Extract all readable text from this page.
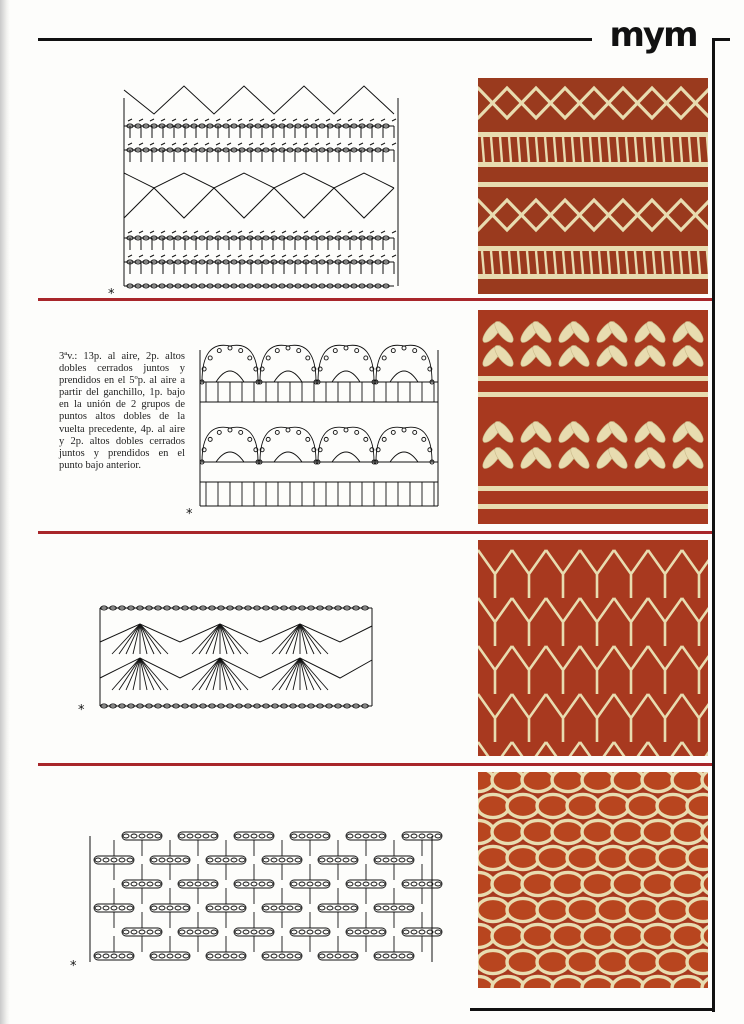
mym
*
3ªv.: 13p. al aire, 2p. altos dobles cerrados juntos y prendidos en el 5ºp. al aire a partir del ganchillo, 1p. bajo en la unión de 2 grupos de puntos altos dobles de la vuelta precedente, 4p. al aire y 2p. altos dobles cerrados juntos y prendidos en el punto bajo anterior.
*
*
*
